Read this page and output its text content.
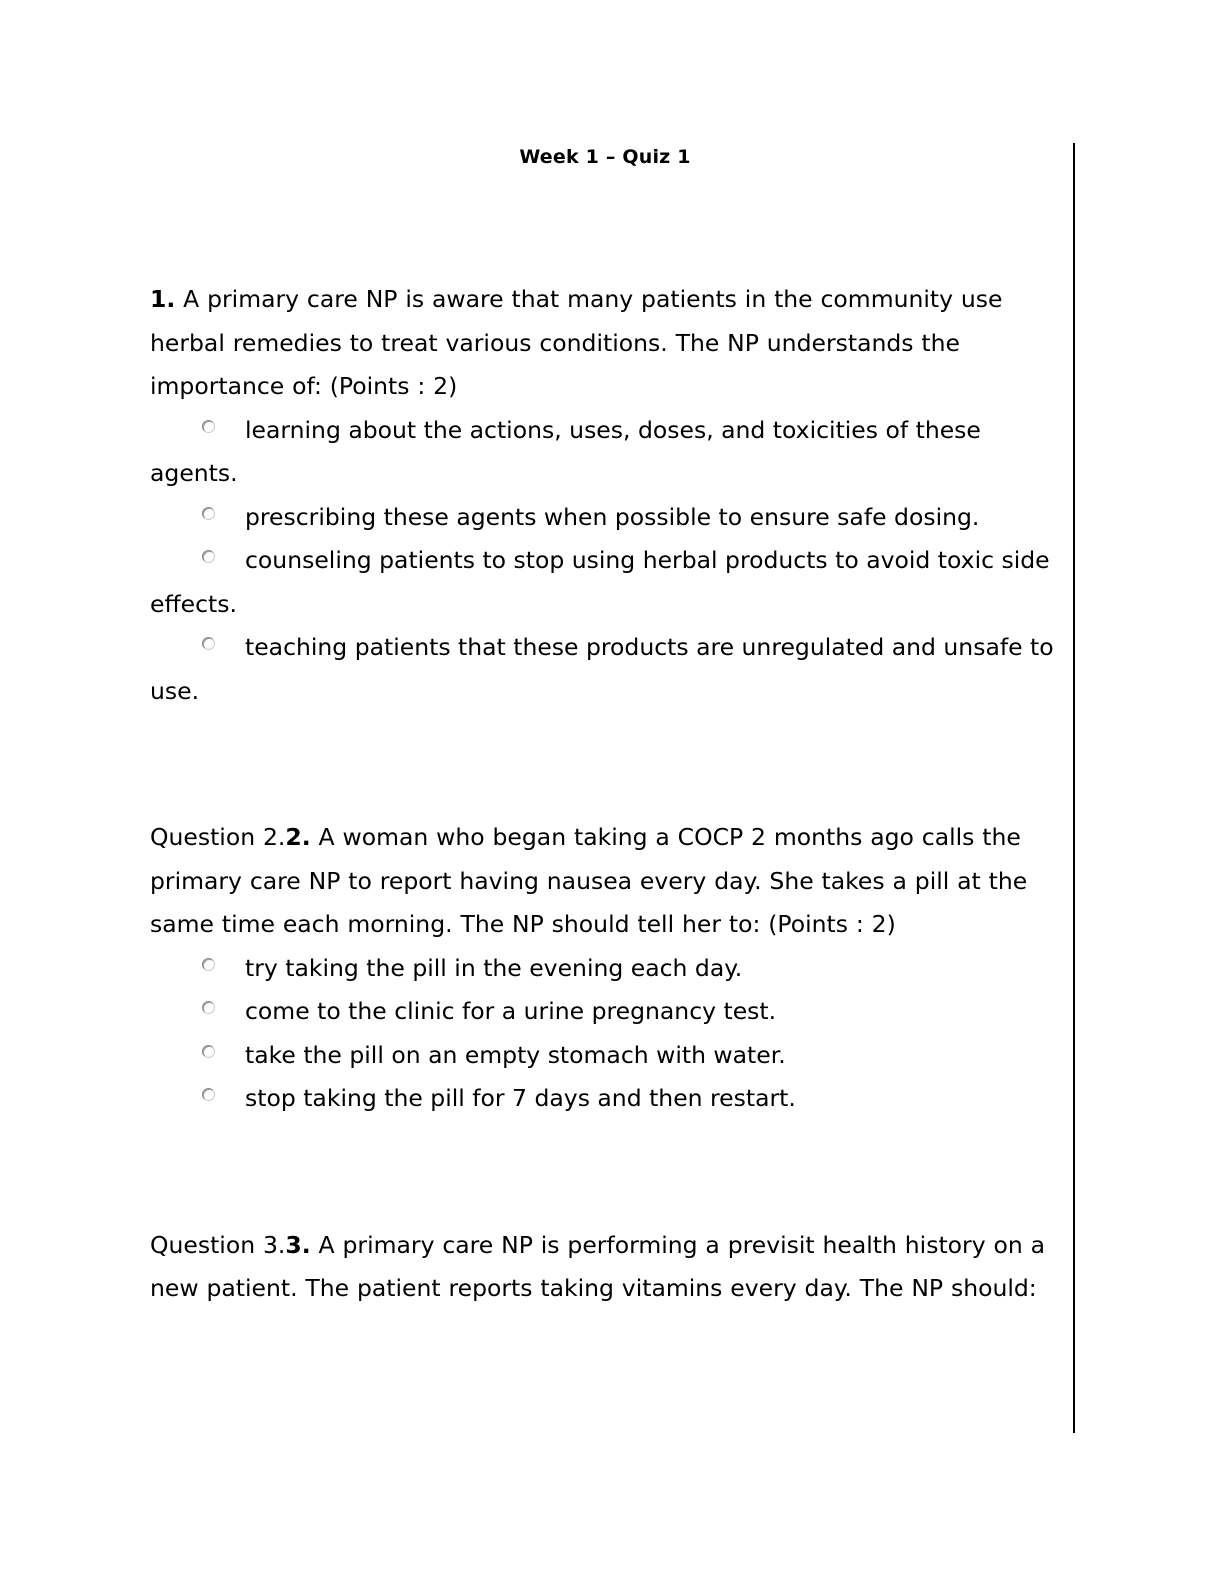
Week 1 – Quiz 1

1. A primary care NP is aware that many patients in the community use herbal remedies to treat various conditions. The NP understands the importance of: (Points : 2)

learning about the actions, uses, doses, and toxicities of these agents.
prescribing these agents when possible to ensure safe dosing.
counseling patients to stop using herbal products to avoid toxic side effects.
teaching patients that these products are unregulated and unsafe to use.

Question 2.2. A woman who began taking a COCP 2 months ago calls the primary care NP to report having nausea every day. She takes a pill at the same time each morning. The NP should tell her to: (Points : 2)

try taking the pill in the evening each day.
come to the clinic for a urine pregnancy test.
take the pill on an empty stomach with water.
stop taking the pill for 7 days and then restart.

Question 3.3. A primary care NP is performing a previsit health history on a new patient. The patient reports taking vitamins every day. The NP should:
